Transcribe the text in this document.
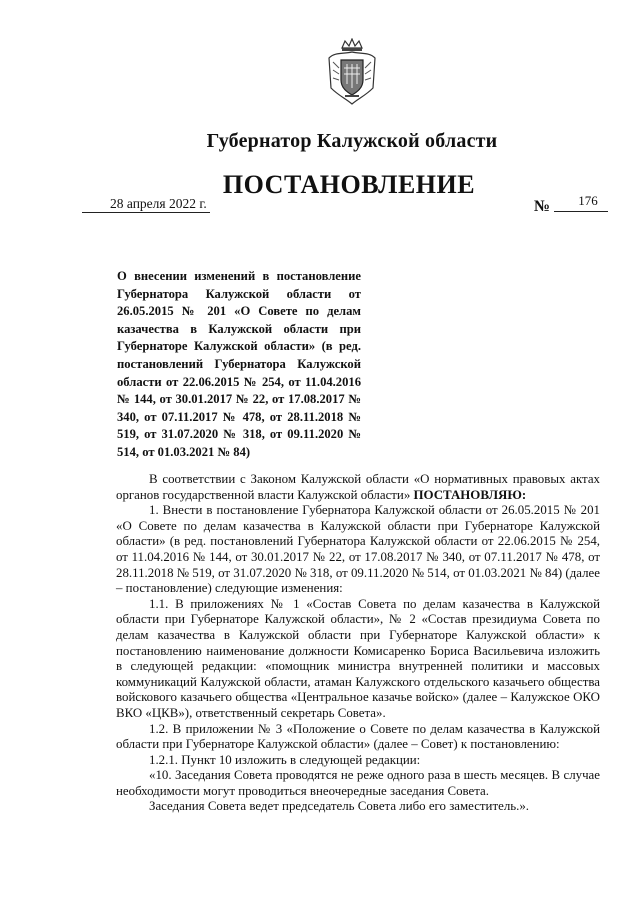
Губернатор Калужской области
ПОСТАНОВЛЕНИЕ
28 апреля 2022 г.	№	176

О внесении изменений в постановление Губернатора Калужской области от 26.05.2015 № 201 «О Совете по делам казачества в Калужской области при Губернаторе Калужской области» (в ред. постановлений Губернатора Калужской области от 22.06.2015 № 254, от 11.04.2016 № 144, от 30.01.2017 № 22, от 17.08.2017 № 340, от 07.11.2017 № 478, от 28.11.2018 № 519, от 31.07.2020 № 318, от 09.11.2020 № 514, от 01.03.2021 № 84)

В соответствии с Законом Калужской области «О нормативных правовых актах органов государственной власти Калужской области» ПОСТАНОВЛЯЮ:

1. Внести в постановление Губернатора Калужской области от 26.05.2015 № 201 «О Совете по делам казачества в Калужской области при Губернаторе Калужской области» (в ред. постановлений Губернатора Калужской области от 22.06.2015 № 254, от 11.04.2016 № 144, от 30.01.2017 № 22, от 17.08.2017 № 340, от 07.11.2017 № 478, от 28.11.2018 № 519, от 31.07.2020 № 318, от 09.11.2020 № 514, от 01.03.2021 № 84) (далее – постановление) следующие изменения:

1.1. В приложениях № 1 «Состав Совета по делам казачества в Калужской области при Губернаторе Калужской области», № 2 «Состав президиума Совета по делам казачества в Калужской области при Губернаторе Калужской области» к постановлению наименование должности Комисаренко Бориса Васильевича изложить в следующей редакции: «помощник министра внутренней политики и массовых коммуникаций Калужской области, атаман Калужского отдельского казачьего общества войскового казачьего общества «Центральное казачье войско» (далее – Калужское ОКО ВКО «ЦКВ»), ответственный секретарь Совета».

1.2. В приложении № 3 «Положение о Совете по делам казачества в Калужской области при Губернаторе Калужской области» (далее – Совет) к постановлению:

1.2.1. Пункт 10 изложить в следующей редакции:

«10. Заседания Совета проводятся не реже одного раза в шесть месяцев. В случае необходимости могут проводиться внеочередные заседания Совета.

Заседания Совета ведет председатель Совета либо его заместитель.».
